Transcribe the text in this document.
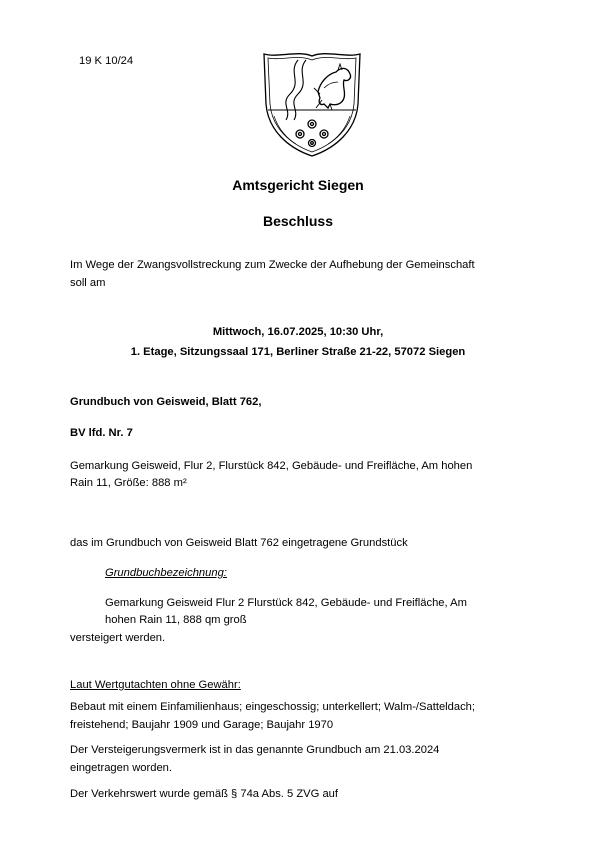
19 K 10/24
Amtsgericht Siegen
Beschluss
Im Wege der Zwangsvollstreckung zum Zwecke der Aufhebung der Gemeinschaft
soll am
Mittwoch, 16.07.2025, 10:30 Uhr,
1. Etage, Sitzungssaal 171, Berliner Straße 21-22, 57072 Siegen
Grundbuch von Geisweid, Blatt 762,
BV lfd. Nr. 7
Gemarkung Geisweid, Flur 2, Flurstück 842, Gebäude- und Freifläche, Am hohen
Rain 11, Größe: 888 m²
das im Grundbuch von Geisweid Blatt 762 eingetragene Grundstück
Grundbuchbezeichnung:
Gemarkung Geisweid Flur 2 Flurstück 842, Gebäude- und Freifläche, Am
hohen Rain 11, 888 qm groß
versteigert werden.
Laut Wertgutachten ohne Gewähr:
Bebaut mit einem Einfamilienhaus; eingeschossig; unterkellert; Walm-/Satteldach;
freistehend; Baujahr 1909 und Garage; Baujahr 1970
Der Versteigerungsvermerk ist in das genannte Grundbuch am 21.03.2024
eingetragen worden.
Der Verkehrswert wurde gemäß § 74a Abs. 5 ZVG auf
